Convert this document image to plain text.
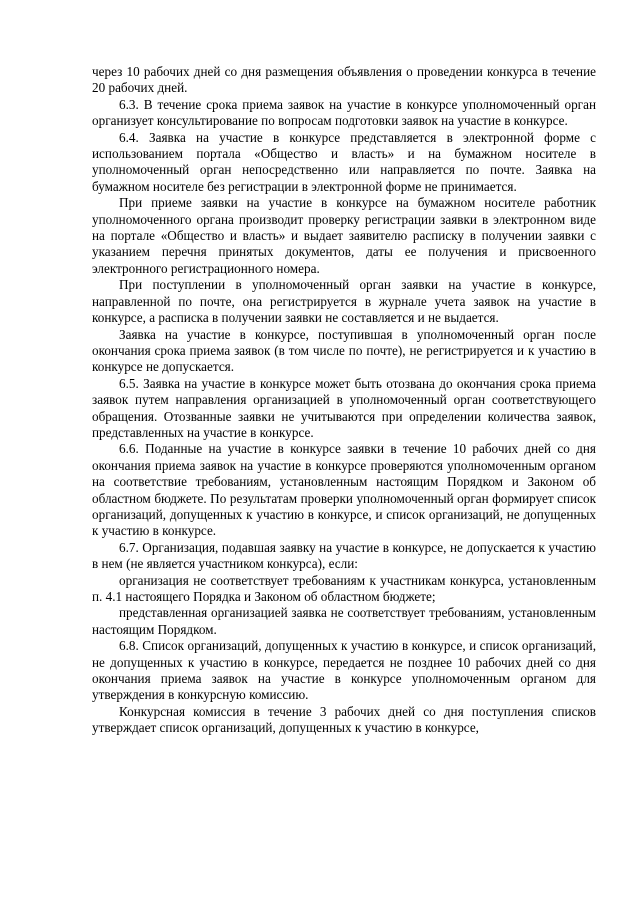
через 10 рабочих дней со дня размещения объявления о проведении конкурса в течение 20 рабочих дней.

6.3. В течение срока приема заявок на участие в конкурсе уполномоченный орган организует консультирование по вопросам подготовки заявок на участие в конкурсе.

6.4. Заявка на участие в конкурсе представляется в электронной форме с использованием портала «Общество и власть» и на бумажном носителе в уполномоченный орган непосредственно или направляется по почте. Заявка на бумажном носителе без регистрации в электронной форме не принимается.

При приеме заявки на участие в конкурсе на бумажном носителе работник уполномоченного органа производит проверку регистрации заявки в электронном виде на портале «Общество и власть» и выдает заявителю расписку в получении заявки с указанием перечня принятых документов, даты ее получения и присвоенного электронного регистрационного номера.

При поступлении в уполномоченный орган заявки на участие в конкурсе, направленной по почте, она регистрируется в журнале учета заявок на участие в конкурсе, а расписка в получении заявки не составляется и не выдается.

Заявка на участие в конкурсе, поступившая в уполномоченный орган после окончания срока приема заявок (в том числе по почте), не регистрируется и к участию в конкурсе не допускается.

6.5. Заявка на участие в конкурсе может быть отозвана до окончания срока приема заявок путем направления организацией в уполномоченный орган соответствующего обращения. Отозванные заявки не учитываются при определении количества заявок, представленных на участие в конкурсе.

6.6. Поданные на участие в конкурсе заявки в течение 10 рабочих дней со дня окончания приема заявок на участие в конкурсе проверяются уполномоченным органом на соответствие требованиям, установленным настоящим Порядком и Законом об областном бюджете. По результатам проверки уполномоченный орган формирует список организаций, допущенных к участию в конкурсе, и список организаций, не допущенных к участию в конкурсе.

6.7. Организация, подавшая заявку на участие в конкурсе, не допускается к участию в нем (не является участником конкурса), если:

организация не соответствует требованиям к участникам конкурса, установленным п. 4.1 настоящего Порядка и Законом об областном бюджете;

представленная организацией заявка не соответствует требованиям, установленным настоящим Порядком.

6.8. Список организаций, допущенных к участию в конкурсе, и список организаций, не допущенных к участию в конкурсе, передается не позднее 10 рабочих дней со дня окончания приема заявок на участие в конкурсе уполномоченным органом для утверждения в конкурсную комиссию.

Конкурсная комиссия в течение 3 рабочих дней со дня поступления списков утверждает список организаций, допущенных к участию в конкурсе,
